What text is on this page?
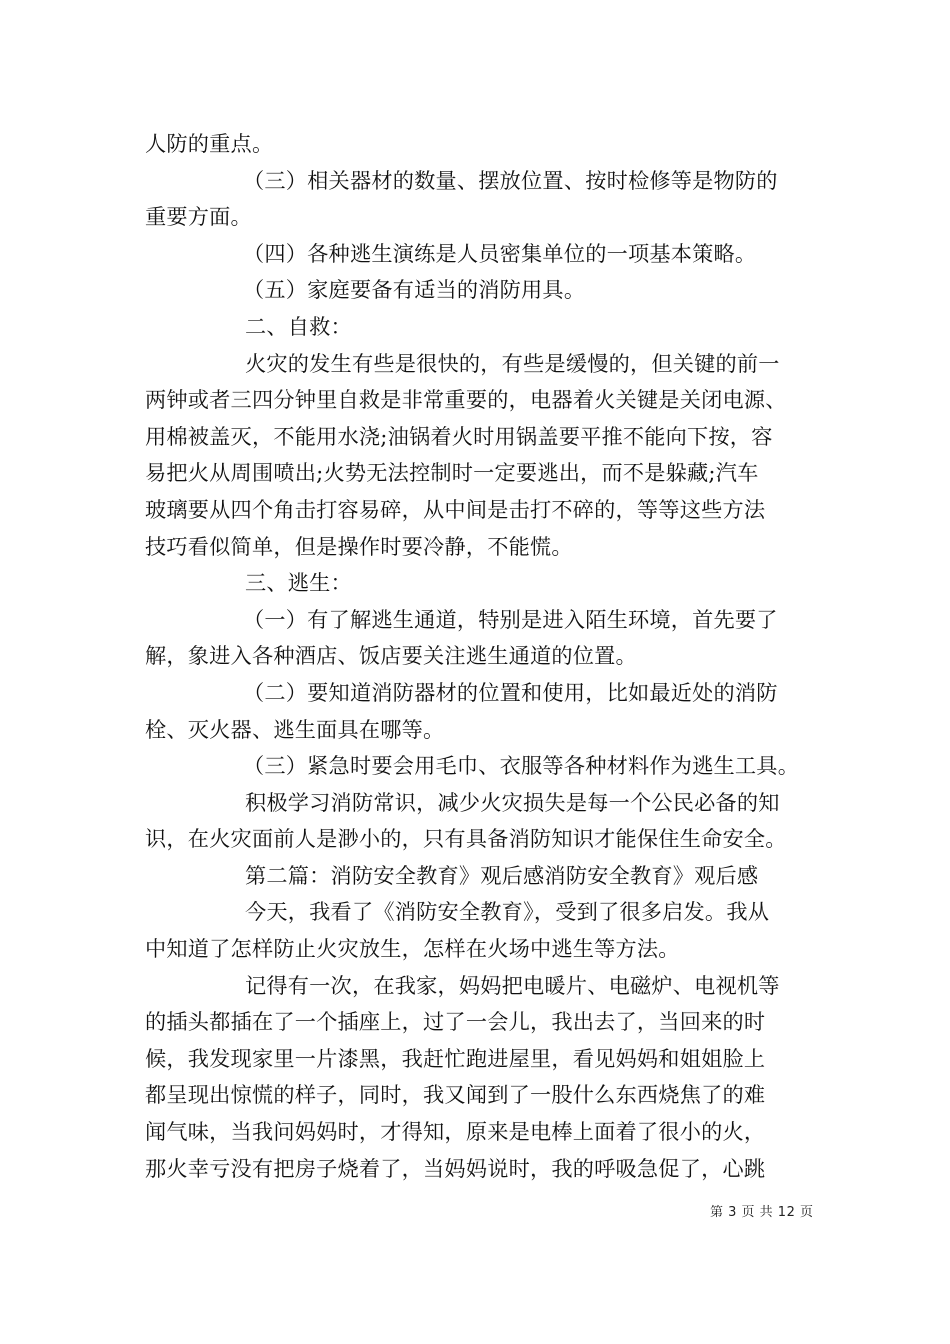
人防的重点。
（三）相关器材的数量、摆放位置、按时检修等是物防的
重要方面。
（四）各种逃生演练是人员密集单位的一项基本策略。
（五）家庭要备有适当的消防用具。
二、自救：
火灾的发生有些是很快的，有些是缓慢的，但关键的前一
两钟或者三四分钟里自救是非常重要的，电器着火关键是关闭电源、
用棉被盖灭，不能用水浇;油锅着火时用锅盖要平推不能向下按，容
易把火从周围喷出;火势无法控制时一定要逃出，而不是躲藏;汽车
玻璃要从四个角击打容易碎，从中间是击打不碎的，等等这些方法
技巧看似简单，但是操作时要冷静，不能慌。
三、逃生：
（一）有了解逃生通道，特别是进入陌生环境，首先要了
解，象进入各种酒店、饭店要关注逃生通道的位置。
（二）要知道消防器材的位置和使用，比如最近处的消防
栓、灭火器、逃生面具在哪等。
（三）紧急时要会用毛巾、衣服等各种材料作为逃生工具。
积极学习消防常识，减少火灾损失是每一个公民必备的知
识，在火灾面前人是渺小的，只有具备消防知识才能保住生命安全。
第二篇：消防安全教育》观后感消防安全教育》观后感
今天，我看了《消防安全教育》，受到了很多启发。我从
中知道了怎样防止火灾放生，怎样在火场中逃生等方法。
记得有一次，在我家，妈妈把电暖片、电磁炉、电视机等
的插头都插在了一个插座上，过了一会儿，我出去了，当回来的时
候，我发现家里一片漆黑，我赶忙跑进屋里，看见妈妈和姐姐脸上
都呈现出惊慌的样子，同时，我又闻到了一股什么东西烧焦了的难
闻气味，当我问妈妈时，才得知，原来是电棒上面着了很小的火，
那火幸亏没有把房子烧着了，当妈妈说时，我的呼吸急促了，心跳
第 3 页 共 12 页
